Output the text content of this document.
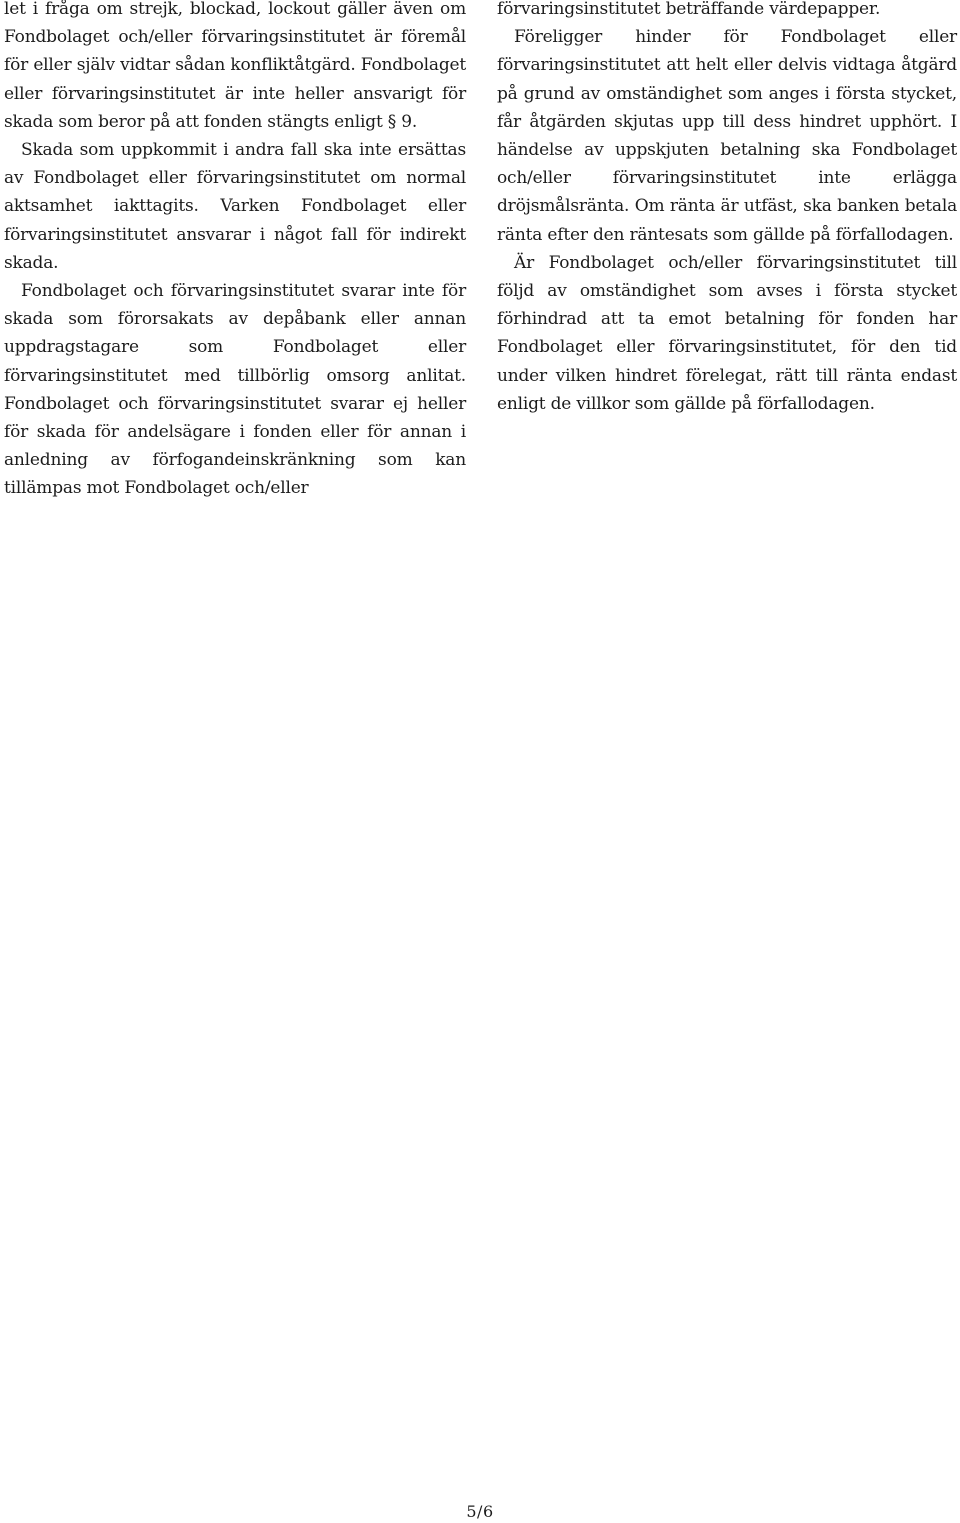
let i fråga om strejk, blockad, lockout gäller även om Fondbolaget och/eller förvaringsinstitutet är föremål för eller själv vidtar sådan konfliktåtgärd. Fondbolaget eller förvaringsinstitutet är inte heller ansvarigt för skada som beror på att fonden stängts enligt § 9.

Skada som uppkommit i andra fall ska inte ersättas av Fondbolaget eller förvaringsinstitutet om normal aktsamhet iakttagits. Varken Fondbolaget eller förvaringsinstitutet ansvarar i något fall för indirekt skada.

Fondbolaget och förvaringsinstitutet svarar inte för skada som förorsakats av depåbank eller annan uppdragstagare som Fondbolaget eller förvaringsinstitutet med tillbörlig omsorg anlitat. Fondbolaget och förvaringsinstitutet svarar ej heller för skada för andelsägare i fonden eller för annan i anledning av förfogandeinskränkning som kan tillämpas mot Fondbolaget och/eller

förvaringsinstitutet beträffande värdepapper.

Föreligger hinder för Fondbolaget eller förvaringsinstitutet att helt eller delvis vidtaga åtgärd på grund av omständighet som anges i första stycket, får åtgärden skjutas upp till dess hindret upphört. I händelse av uppskjuten betalning ska Fondbolaget och/eller förvaringsinstitutet inte erlägga dröjsmålsränta. Om ränta är utfäst, ska banken betala ränta efter den räntesats som gällde på förfallodagen.

Är Fondbolaget och/eller förvaringsinstitutet till följd av omständighet som avses i första stycket förhindrad att ta emot betalning för fonden har Fondbolaget eller förvaringsinstitutet, för den tid under vilken hindret förelegat, rätt till ränta endast enligt de villkor som gällde på förfallodagen.

5/6
